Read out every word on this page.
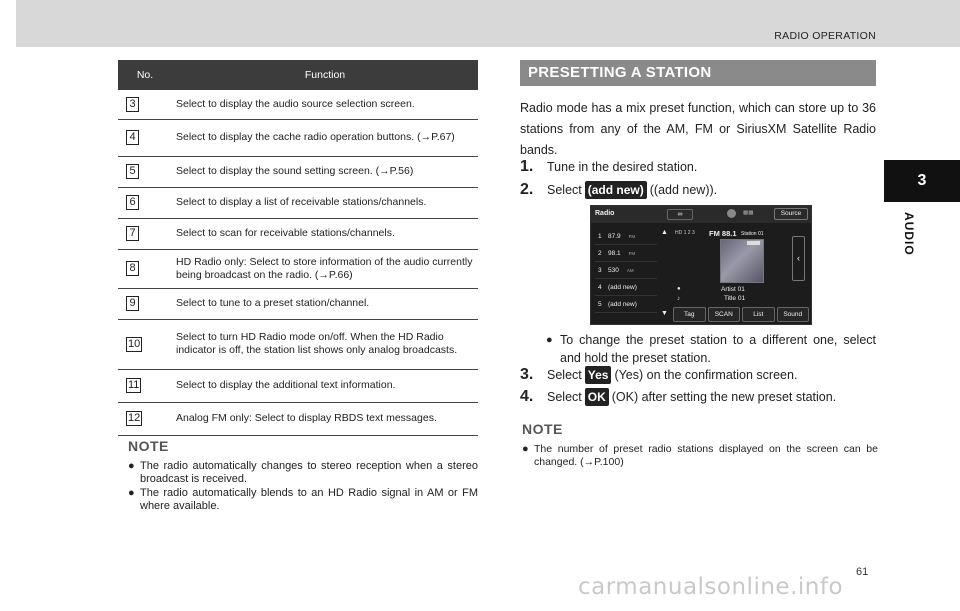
RADIO OPERATION
3
AUDIO
No.	Function
3	Select to display the audio source selection screen.
4	Select to display the cache radio operation buttons. (→P.67)
5	Select to display the sound setting screen. (→P.56)
6	Select to display a list of receivable stations/channels.
7	Select to scan for receivable stations/channels.
8	HD Radio only: Select to store information of the audio currently being broadcast on the radio. (→P.66)
9	Select to tune to a preset station/channel.
10	Select to turn HD Radio mode on/off. When the HD Radio indicator is off, the station list shows only analog broadcasts.
11	Select to display the additional text information.
12	Analog FM only: Select to display RBDS text messages.
NOTE
● The radio automatically changes to stereo reception when a stereo broadcast is received.
● The radio automatically blends to an HD Radio signal in AM or FM where available.
PRESETTING A STATION
Radio mode has a mix preset function, which can store up to 36 stations from any of the AM, FM or SiriusXM Satellite Radio bands.
1.	Tune in the desired station.
2.	Select (add new) ((add new)).
Radio	∞	▩▩	Source
1 87.9 FM
2 98.1 FM
3 530 AM
4 (add new)
5 (add new)
▲
▼
HD 1 2 3 FM 88.1 Station 01
‹
●
♪
Artist 01
Title 01
Tag	SCAN	List	Sound
● To change the preset station to a different one, select and hold the preset station.
3.	Select Yes (Yes) on the confirmation screen.
4.	Select OK (OK) after setting the new preset station.
NOTE
● The number of preset radio stations displayed on the screen can be changed. (→P.100)
61
carmanualsonline.info
